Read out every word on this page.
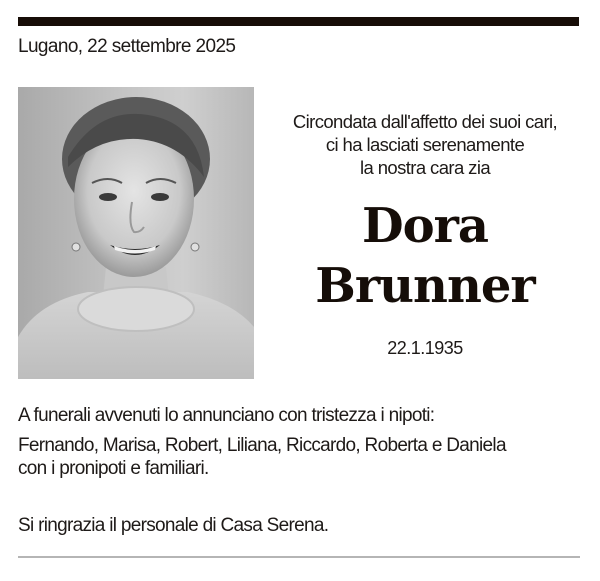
Lugano, 22 settembre 2025
Circondata dall'affetto dei suoi cari,
ci ha lasciati serenamente
la nostra cara zia
Dora
Brunner
22.1.1935
A funerali avvenuti lo annunciano con tristezza i nipoti:
Fernando, Marisa, Robert, Liliana, Riccardo, Roberta e Daniela
con i pronipoti e familiari.
Si ringrazia il personale di Casa Serena.
